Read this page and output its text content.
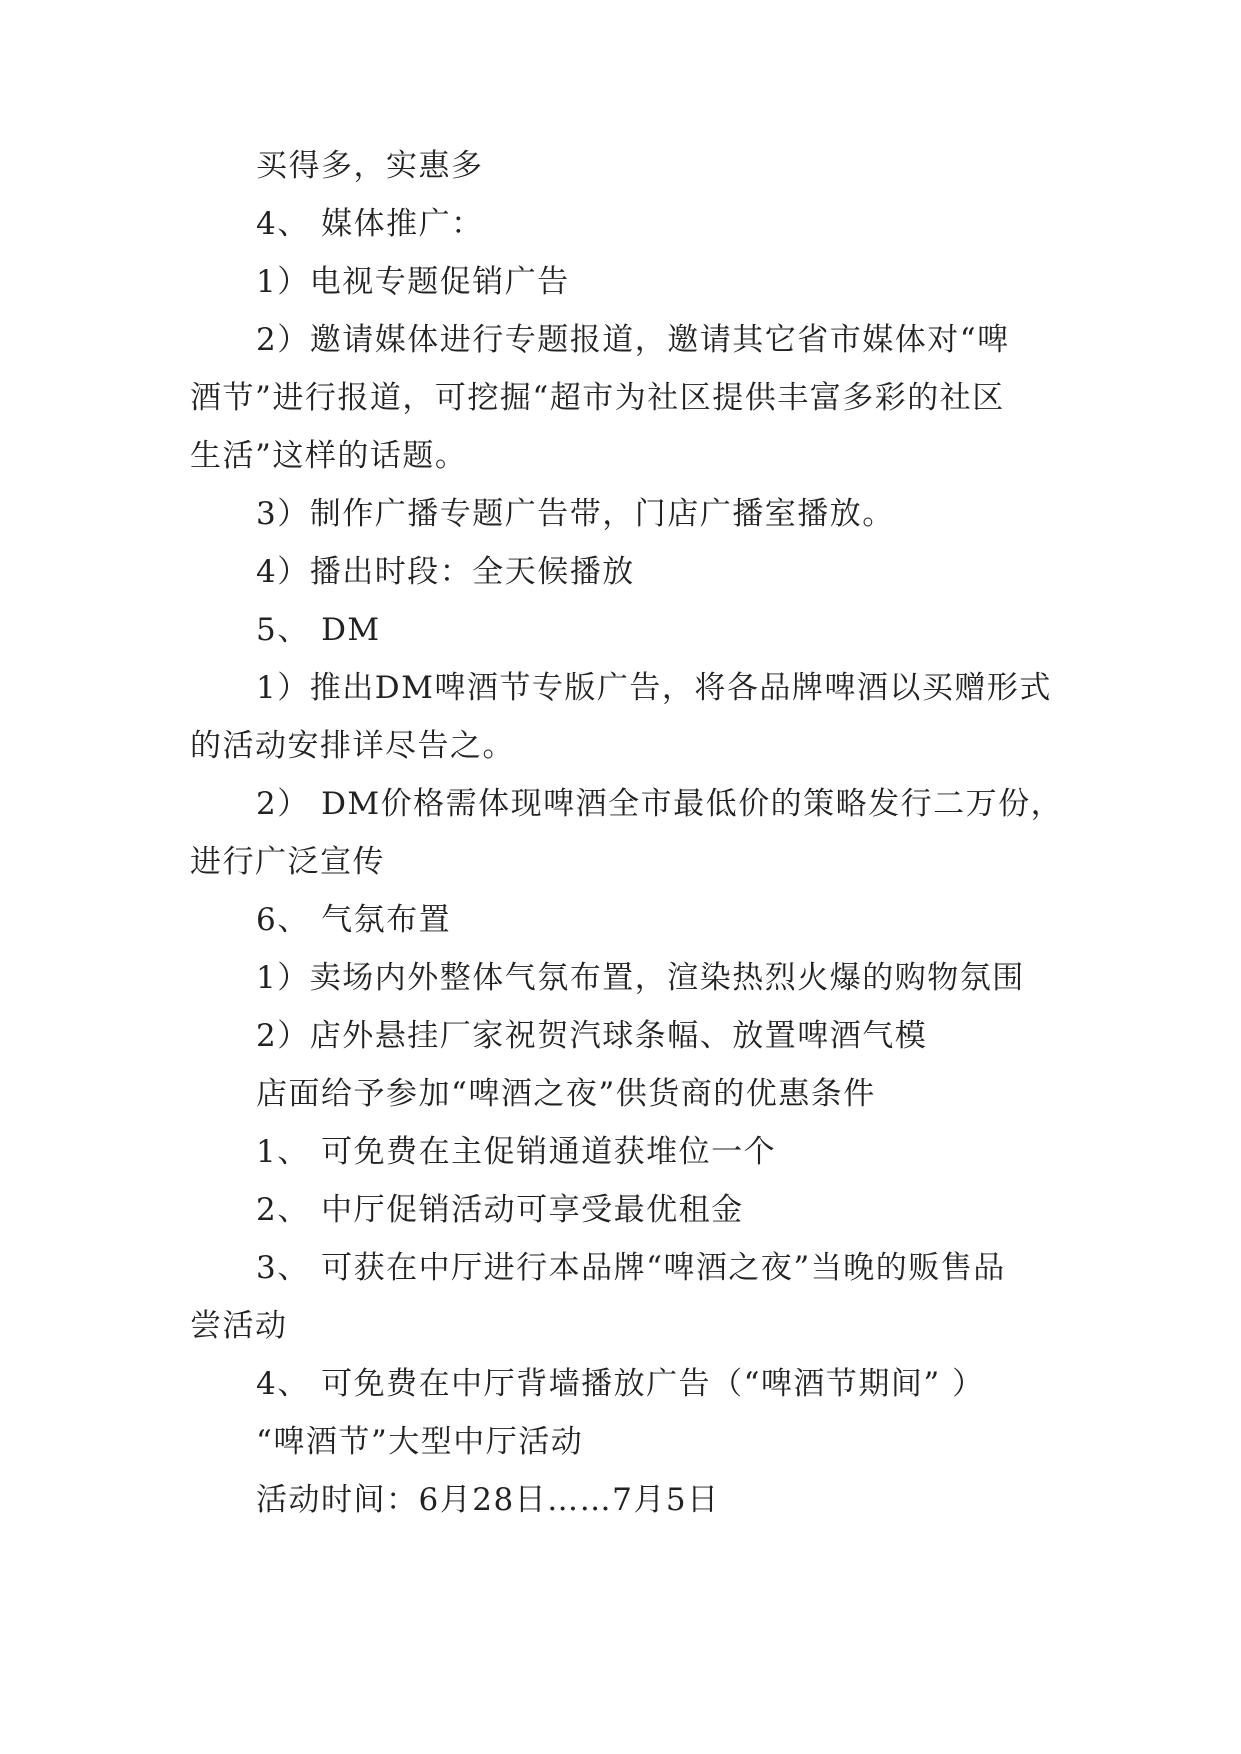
买得多，实惠多
4、 媒体推广：
1）电视专题促销广告
2）邀请媒体进行专题报道，邀请其它省市媒体对“啤
酒节”进行报道，可挖掘“超市为社区提供丰富多彩的社区
生活”这样的话题。
3）制作广播专题广告带，门店广播室播放。
4）播出时段：全天候播放
5、 DM
1）推出DM啤酒节专版广告，将各品牌啤酒以买赠形式
的活动安排详尽告之。
2） DM价格需体现啤酒全市最低价的策略发行二万份，
进行广泛宣传
6、 气氛布置
1）卖场内外整体气氛布置，渲染热烈火爆的购物氛围
2）店外悬挂厂家祝贺汽球条幅、放置啤酒气模
店面给予参加“啤酒之夜”供货商的优惠条件
1、 可免费在主促销通道获堆位一个
2、 中厅促销活动可享受最优租金
3、 可获在中厅进行本品牌“啤酒之夜”当晚的贩售品
尝活动
4、 可免费在中厅背墙播放广告（“啤酒节期间” ）
“啤酒节”大型中厅活动
活动时间：6月28日……7月5日
